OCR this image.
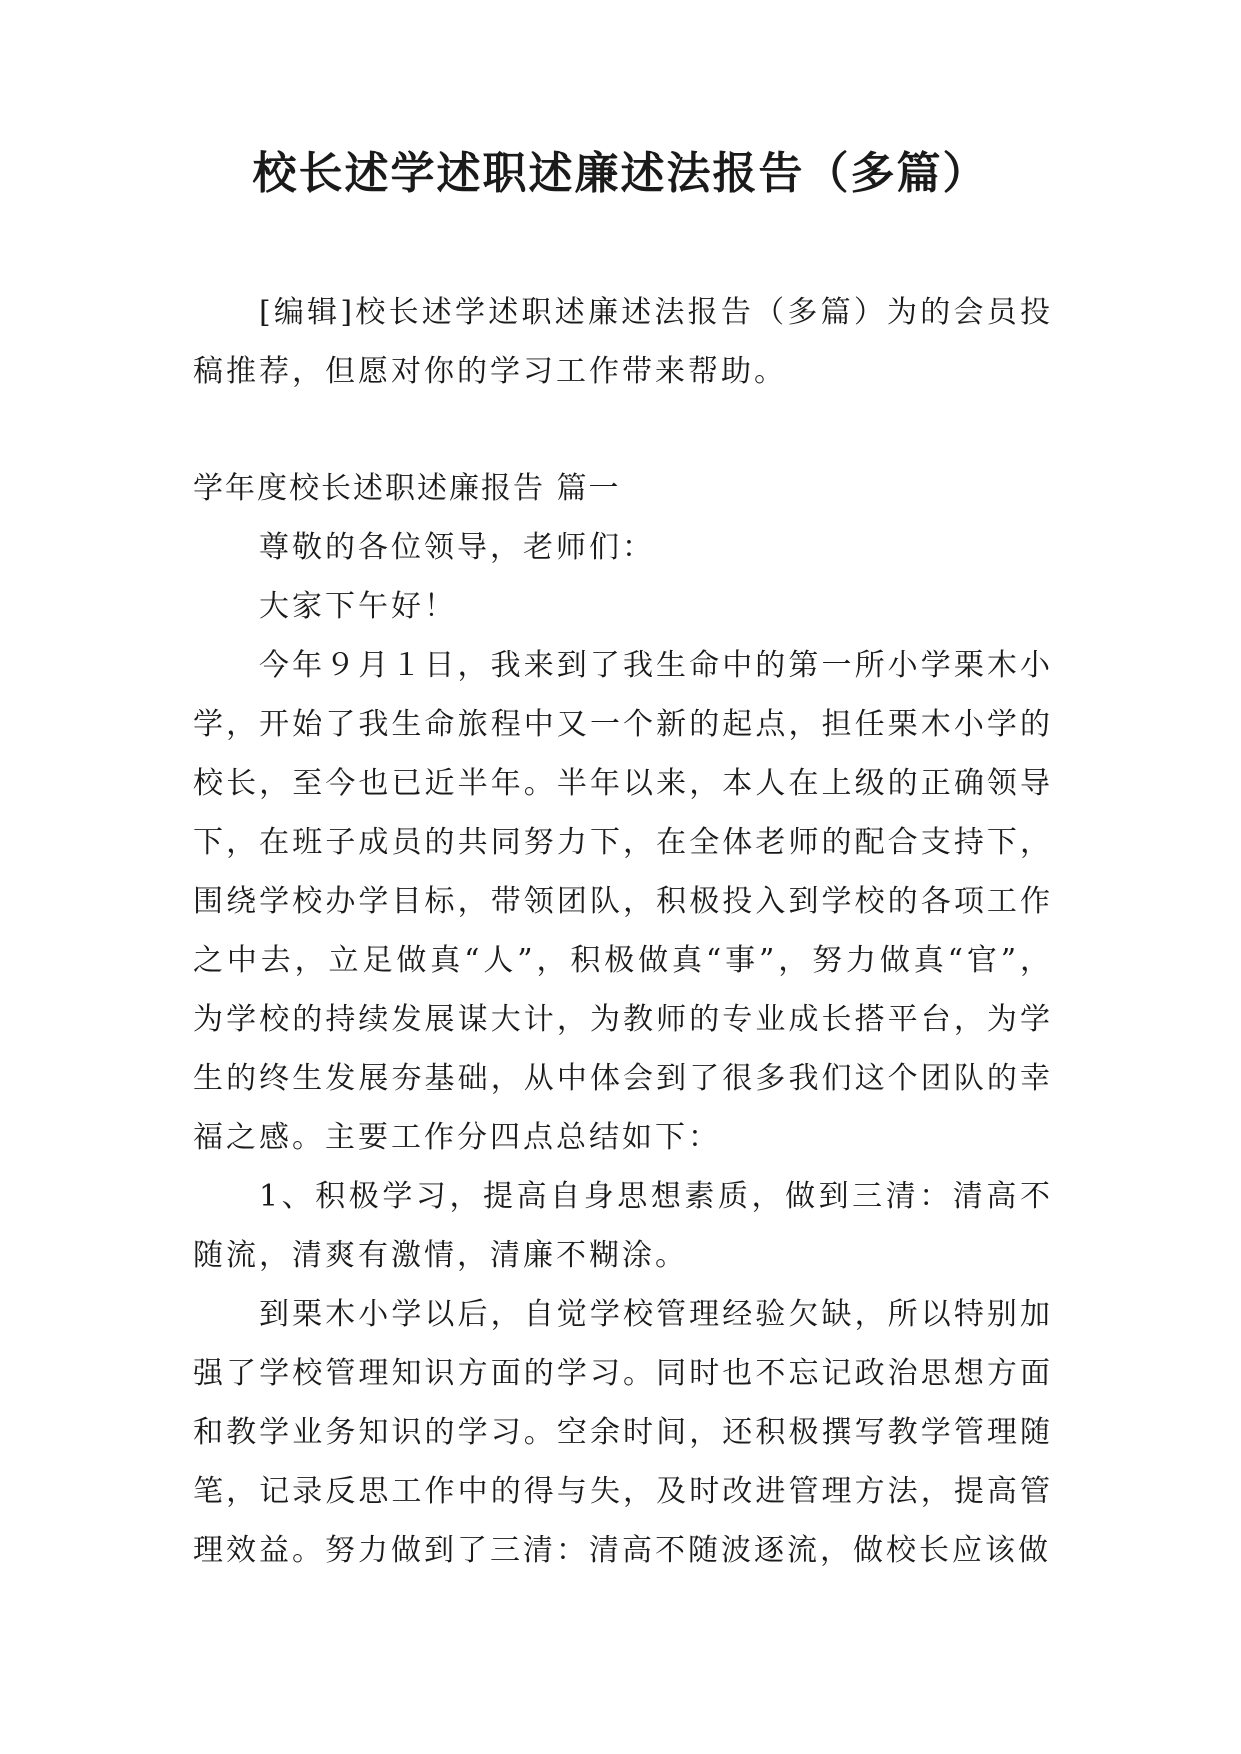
校长述学述职述廉述法报告（多篇）

[编辑]校长述学述职述廉述法报告（多篇）为的会员投稿推荐，但愿对你的学习工作带来帮助。

学年度校长述职述廉报告 篇一

尊敬的各位领导，老师们：

大家下午好！

今年９月１日，我来到了我生命中的第一所小学栗木小学，开始了我生命旅程中又一个新的起点，担任栗木小学的校长，至今也已近半年。半年以来，本人在上级的正确领导下，在班子成员的共同努力下，在全体老师的配合支持下，围绕学校办学目标，带领团队，积极投入到学校的各项工作之中去，立足做真“人”，积极做真“事”，努力做真“官”，为学校的持续发展谋大计，为教师的专业成长搭平台，为学生的终生发展夯基础，从中体会到了很多我们这个团队的幸福之感。主要工作分四点总结如下：

1、积极学习，提高自身思想素质，做到三清：清高不随流，清爽有激情，清廉不糊涂。

到栗木小学以后，自觉学校管理经验欠缺，所以特别加强了学校管理知识方面的学习。同时也不忘记政治思想方面和教学业务知识的学习。空余时间，还积极撰写教学管理随笔，记录反思工作中的得与失，及时改进管理方法，提高管理效益。努力做到了三清：清高不随波逐流，做校长应该做
